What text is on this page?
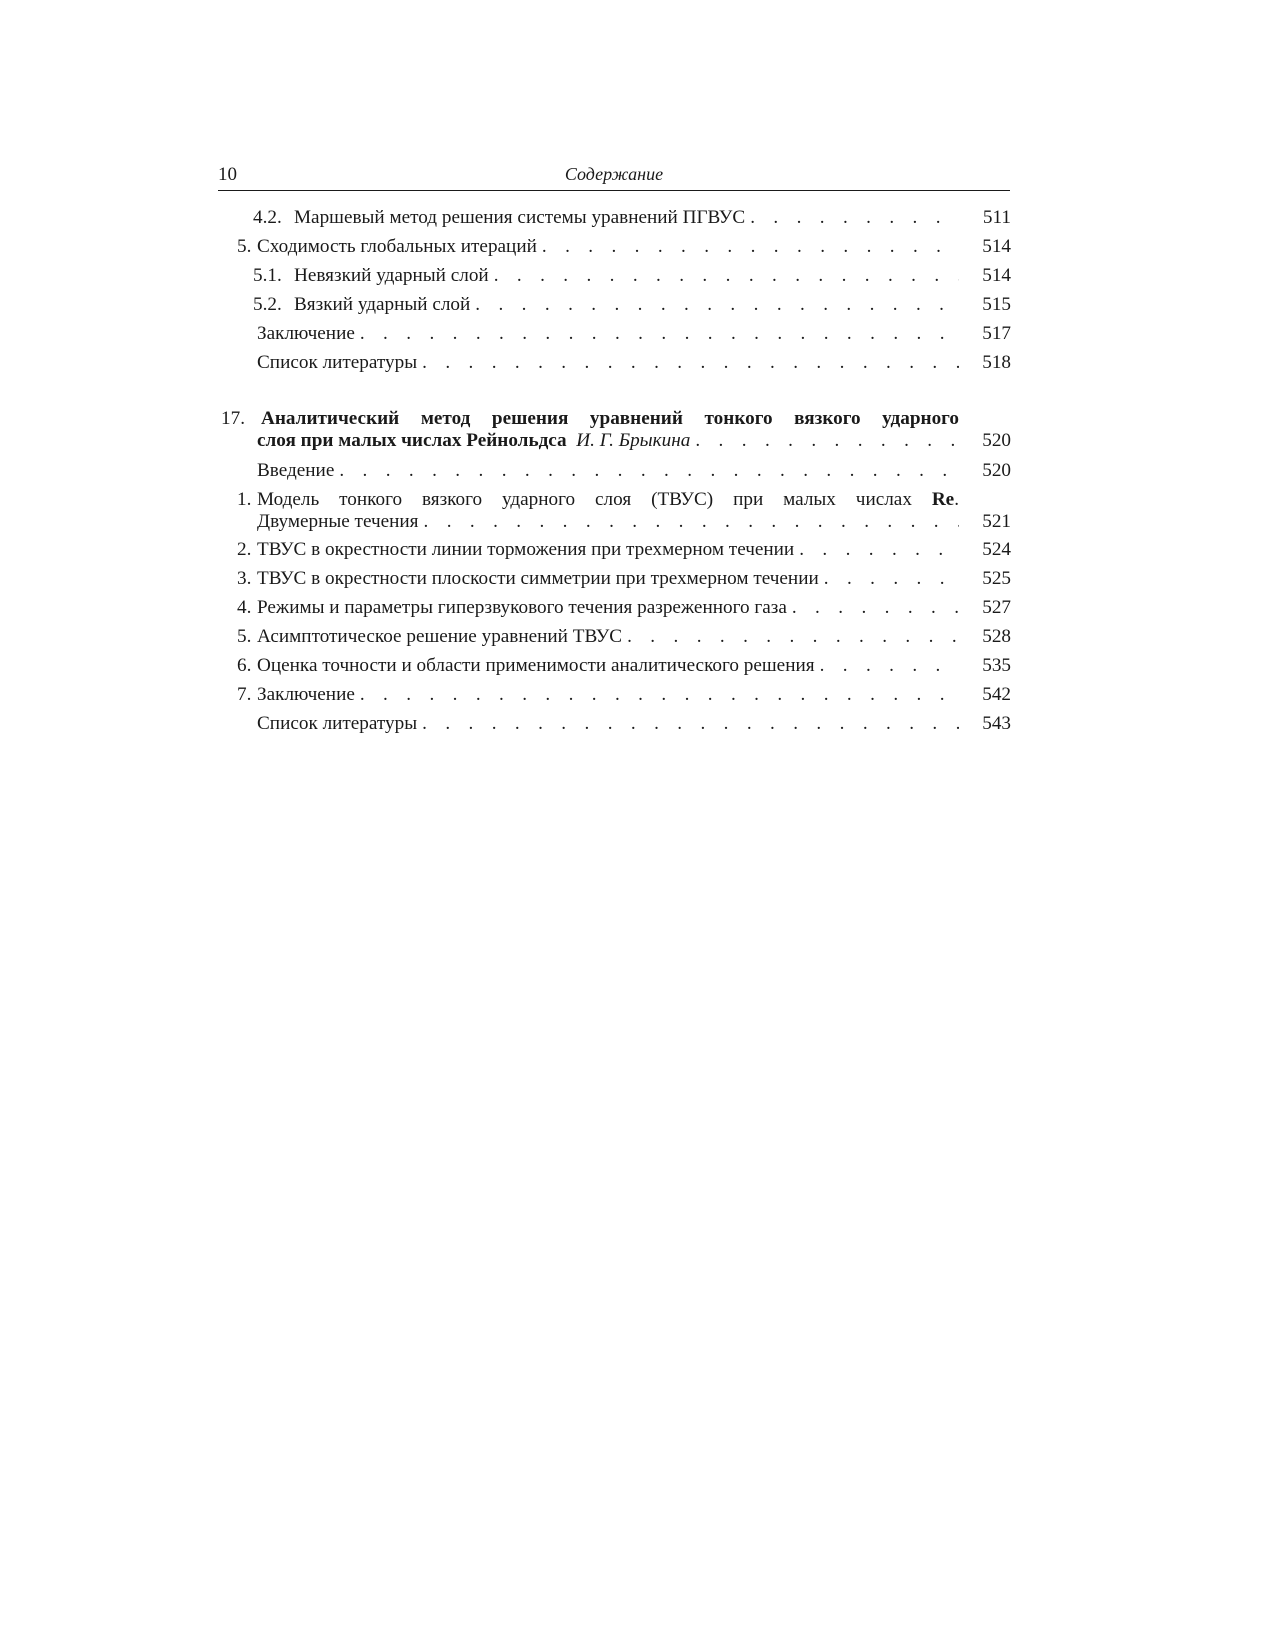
10	Содержание
4.2. Маршевый метод решения системы уравнений ПГВУС . . .	511
5. Сходимость глобальных итераций . . .	514
5.1. Невязкий ударный слой . . .	514
5.2. Вязкий ударный слой . . .	515
Заключение . . .	517
Список литературы . . .	518
17. Аналитический метод решения уравнений тонкого вязкого ударного
слоя при малых числах Рейнольдса И. Г. Брыкина . . .	520
Введение . . .	520
1. Модель тонкого вязкого ударного слоя (ТВУС) при малых числах Re.
Двумерные течения . . .	521
2. ТВУС в окрестности линии торможения при трехмерном течении . . .	524
3. ТВУС в окрестности плоскости симметрии при трехмерном течении . . .	525
4. Режимы и параметры гиперзвукового течения разреженного газа . . .	527
5. Асимптотическое решение уравнений ТВУС . . .	528
6. Оценка точности и области применимости аналитического решения . . .	535
7. Заключение . . .	542
Список литературы . . .	543
